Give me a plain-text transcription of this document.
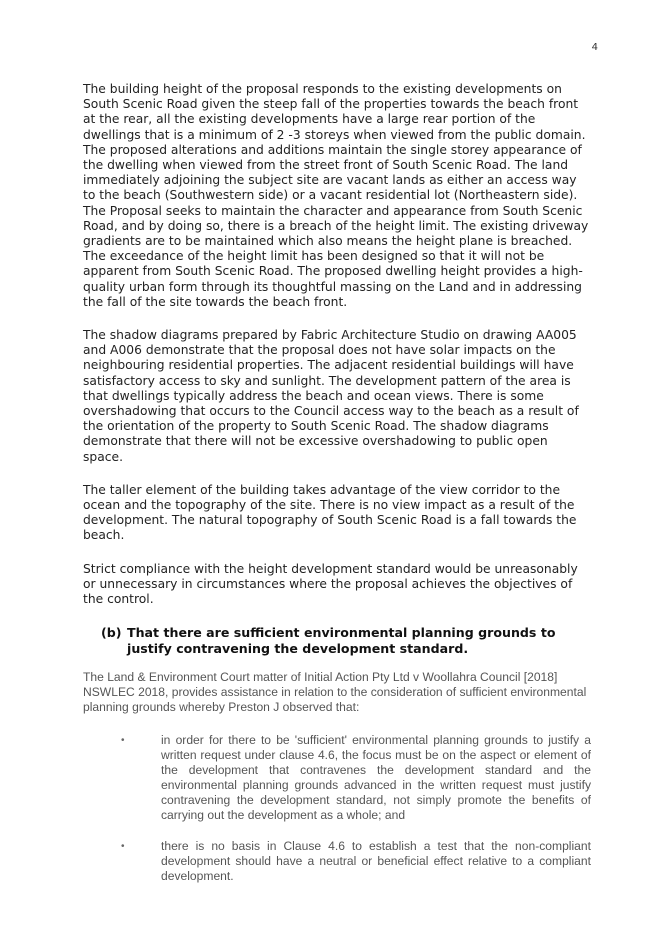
4

The building height of the proposal responds to the existing developments on South Scenic Road given the steep fall of the properties towards the beach front at the rear, all the existing developments have a large rear portion of the dwellings that is a minimum of 2 -3 storeys when viewed from the public domain. The proposed alterations and additions maintain the single storey appearance of the dwelling when viewed from the street front of South Scenic Road. The land immediately adjoining the subject site are vacant lands as either an access way to the beach (Southwestern side) or a vacant residential lot (Northeastern side). The Proposal seeks to maintain the character and appearance from South Scenic Road, and by doing so, there is a breach of the height limit. The existing driveway gradients are to be maintained which also means the height plane is breached. The exceedance of the height limit has been designed so that it will not be apparent from South Scenic Road. The proposed dwelling height provides a high-quality urban form through its thoughtful massing on the Land and in addressing the fall of the site towards the beach front.

The shadow diagrams prepared by Fabric Architecture Studio on drawing AA005 and A006 demonstrate that the proposal does not have solar impacts on the neighbouring residential properties. The adjacent residential buildings will have satisfactory access to sky and sunlight. The development pattern of the area is that dwellings typically address the beach and ocean views. There is some overshadowing that occurs to the Council access way to the beach as a result of the orientation of the property to South Scenic Road. The shadow diagrams demonstrate that there will not be excessive overshadowing to public open space.

The taller element of the building takes advantage of the view corridor to the ocean and the topography of the site. There is no view impact as a result of the development. The natural topography of South Scenic Road is a fall towards the beach.

Strict compliance with the height development standard would be unreasonably or unnecessary in circumstances where the proposal achieves the objectives of the control.

(b) That there are sufficient environmental planning grounds to justify contravening the development standard.

The Land & Environment Court matter of Initial Action Pty Ltd v Woollahra Council [2018] NSWLEC 2018, provides assistance in relation to the consideration of sufficient environmental planning grounds whereby Preston J observed that:

•	in order for there to be 'sufficient' environmental planning grounds to justify a written request under clause 4.6, the focus must be on the aspect or element of the development that contravenes the development standard and the environmental planning grounds advanced in the written request must justify contravening the development standard, not simply promote the benefits of carrying out the development as a whole; and
•	there is no basis in Clause 4.6 to establish a test that the non-compliant development should have a neutral or beneficial effect relative to a compliant development.
